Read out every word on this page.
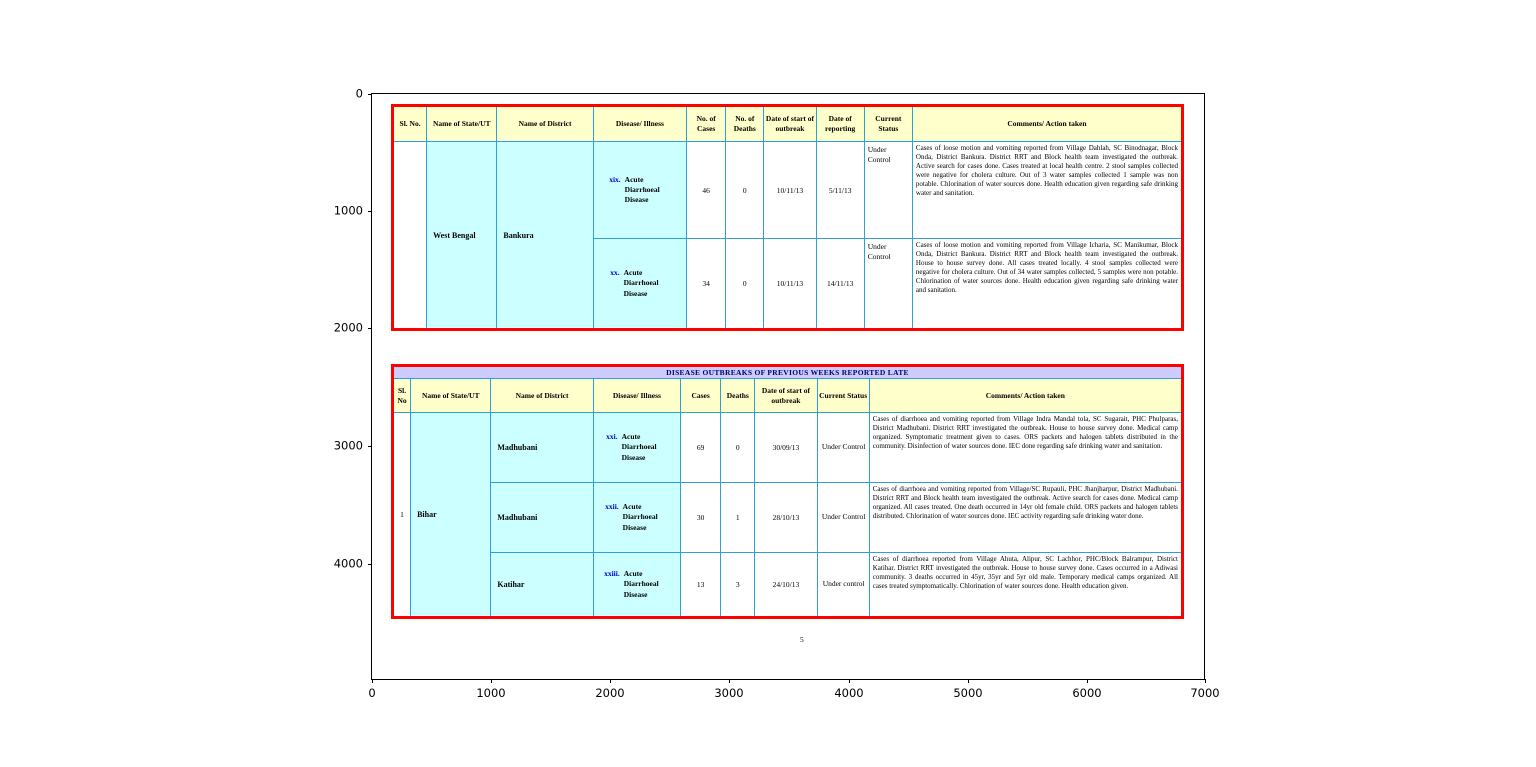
0
1000
2000
3000
4000
0	1000	2000	3000	4000	5000	6000	7000
Sl. No.	Name of State/UT	Name of District	Disease/ Illness	No. of Cases	No. of Deaths	Date of start of outbreak	Date of reporting	Current Status	Comments/ Action taken
	West Bengal	Bankura	xix. Acute Diarrhoeal Disease	46	0	10/11/13	5/11/13	Under Control	Cases of loose motion and vomiting reported from Village Dahlah, SC Binodnagar, Block Onda, District Bankura. District RRT and Block health team investigated the outbreak. Active search for cases done. Cases treated at local health centre. 2 stool samples collected were negative for cholera culture. Out of 3 water samples collected 1 sample was non potable. Chlorination of water sources done. Health education given regarding safe drinking water and sanitation.

			xx. Acute Diarrhoeal Disease	34	0	10/11/13	14/11/13	Under Control	Cases of loose motion and vomiting reported from Village Icharia, SC Manikumar, Block Onda, District Bankura. District RRT and Block health team investigated the outbreak. House to house survey done. All cases treated locally. 4 stool samples collected were negative for cholera culture. Out of 34 water samples collected, 5 samples were non potable. Chlorination of water sources done. Health education given regarding safe drinking water and sanitation.
DISEASE OUTBREAKS OF PREVIOUS WEEKS REPORTED LATE								
Sl. No	Name of State/UT	Name of District	Disease/ Illness	Cases	Deaths	Date of start of outbreak	Current Status	Comments/ Action taken
1	Bihar	Madhubani	xxi. Acute Diarrhoeal Disease	69	0	30/09/13	Under Control	Cases of diarrhoea and vomiting reported from Village Indra Mandal tola, SC Sugarait, PHC Phulparas, District Madhubani. District RRT investigated the outbreak. House to house survey done. Medical camp organized. Symptomatic treatment given to cases. ORS packets and halogen tablets distributed in the community. Disinfection of water sources done. IEC done regarding safe drinking water and sanitation.
		Madhubani	xxii. Acute Diarrhoeal Disease	30	1	28/10/13	Under Control	Cases of diarrhoea and vomiting reported from Village/SC Rupauli, PHC Jhanjharpur, District Madhubani. District RRT and Block health team investigated the outbreak. Active search for cases done. Medical camp organized. All cases treated. One death occurred in 14yr old female child. ORS packets and halogen tablets distributed. Chlorination of water sources done. IEC activity regarding safe drinking water done.
		Katihar	xxiii. Acute Diarrhoeal Disease	13	3	24/10/13	Under control	Cases of diarrhoea reported from Village Ahuta, Alipur, SC Lachhor, PHC/Block Balrampur, District Katihar. District RRT investigated the outbreak. House to house survey done. Cases occurred in a Adiwasi community. 3 deaths occurred in 45yr, 35yr and 5yr old male. Temporary medical camps organized. All cases treated symptomatically. Chlorination of water sources done. Health education given.
5
